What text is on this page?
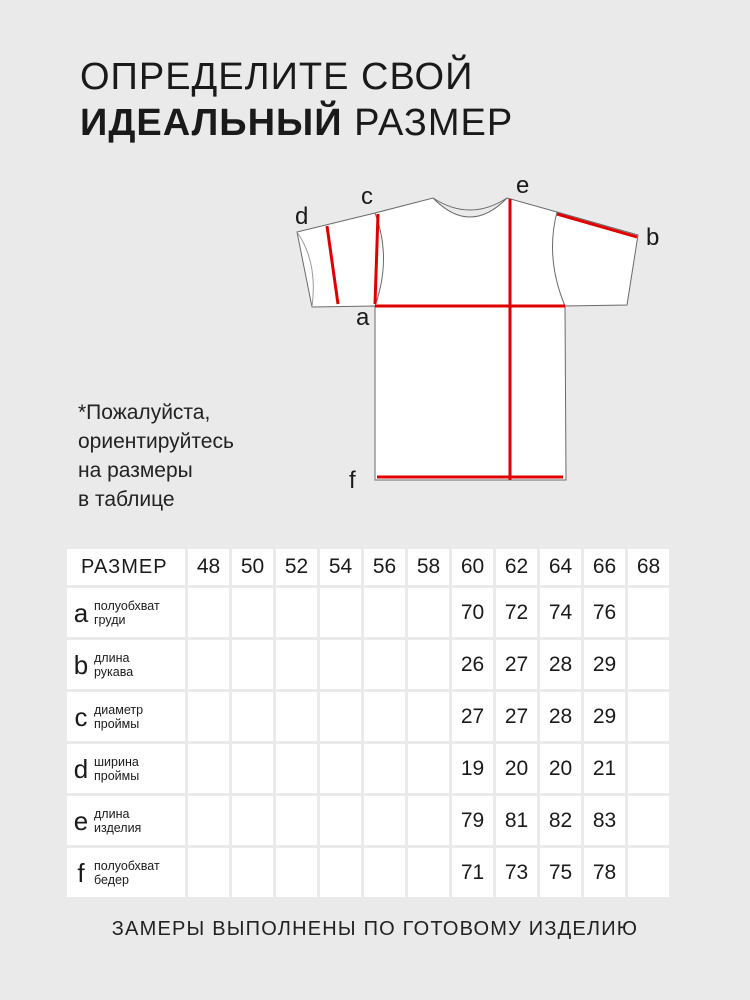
ОПРЕДЕЛИТЕ СВОЙ
ИДЕАЛЬНЫЙ РАЗМЕР
a
b
c
d
e
f
*Пожалуйста,
ориентируйтесь
на размеры
в таблице
РАЗМЕР	48	50	52	54	56	58	60	62	64	66	68

a полуобхват
груди							70	72	74	76	

b длина
рукава							26	27	28	29	

c диаметр
проймы							27	27	28	29	

d ширина
проймы							19	20	20	21	

e длина
изделия							79	81	82	83	

f полуобхват
бедер							71	73	75	78	
ЗАМЕРЫ ВЫПОЛНЕНЫ ПО ГОТОВОМУ ИЗДЕЛИЮ
